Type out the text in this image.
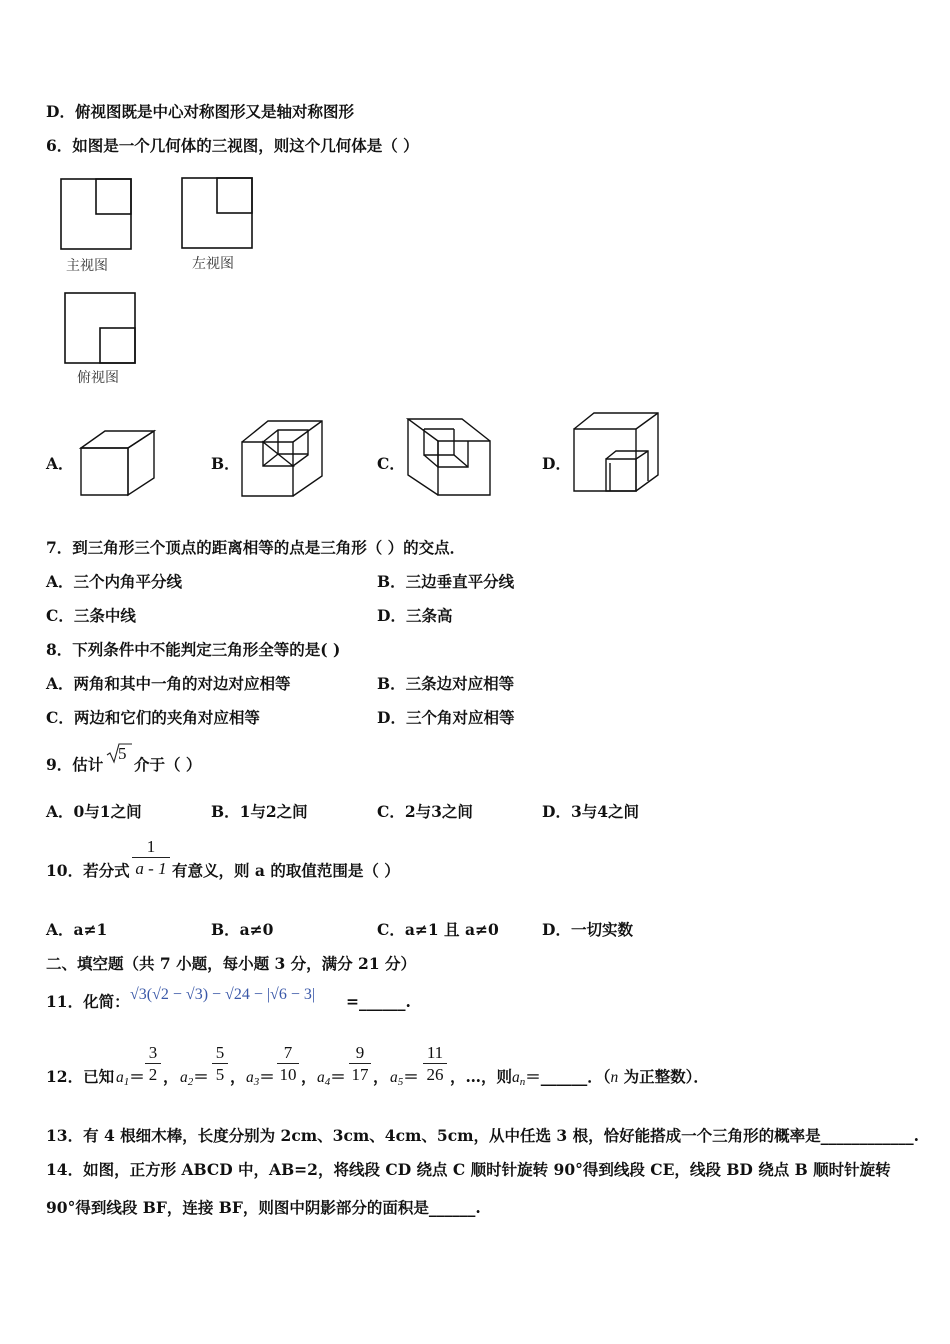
D．俯视图既是中心对称图形又是轴对称图形
6．如图是一个几何体的三视图，则这个几何体是（ ）
主视图	左视图
俯视图
A．	B．	C．	D．
7．到三角形三个顶点的距离相等的点是三角形（ ）的交点．
A．三个内角平分线	B．三边垂直平分线
C．三条中线	D．三条高
8．下列条件中不能判定三角形全等的是( )
A．两角和其中一角的对边对应相等	B．三条边对应相等
C．两边和它们的夹角对应相等	D．三个角对应相等
9．估计
5
介于（ ）
A．0与1之间	B．1与2之间	C．2与3之间	D．3与4之间
10．若分式
1
a - 1 有意义，则 a 的取值范围是（ ）
A．a≠1	B．a≠0	C．a≠1 且 a≠0	D．一切实数
二、填空题（共 7 小题，每小题 3 分，满分 21 分）
11．化简： √3(√2 − √3) − √24 − |√6 − 3| =______.
12．已知 $a_1=$
3
2 ， $a_2=$
5
5 ， $a_3=$
7
10 ， $a_4=$
9
17 ， $a_5=$
11
26 ，…，则$a_n=\_\_\_\_\_\_$．（n 为正整数）．
13．有 4 根细木棒，长度分别为 2cm、3cm、4cm、5cm，从中任选 3 根，恰好能搭成一个三角形的概率是____________.
14．如图，正方形 ABCD 中，AB=2，将线段 CD 绕点 C 顺时针旋转 90°得到线段 CE，线段 BD 绕点 B 顺时针旋转
90°得到线段 BF，连接 BF，则图中阴影部分的面积是______.
